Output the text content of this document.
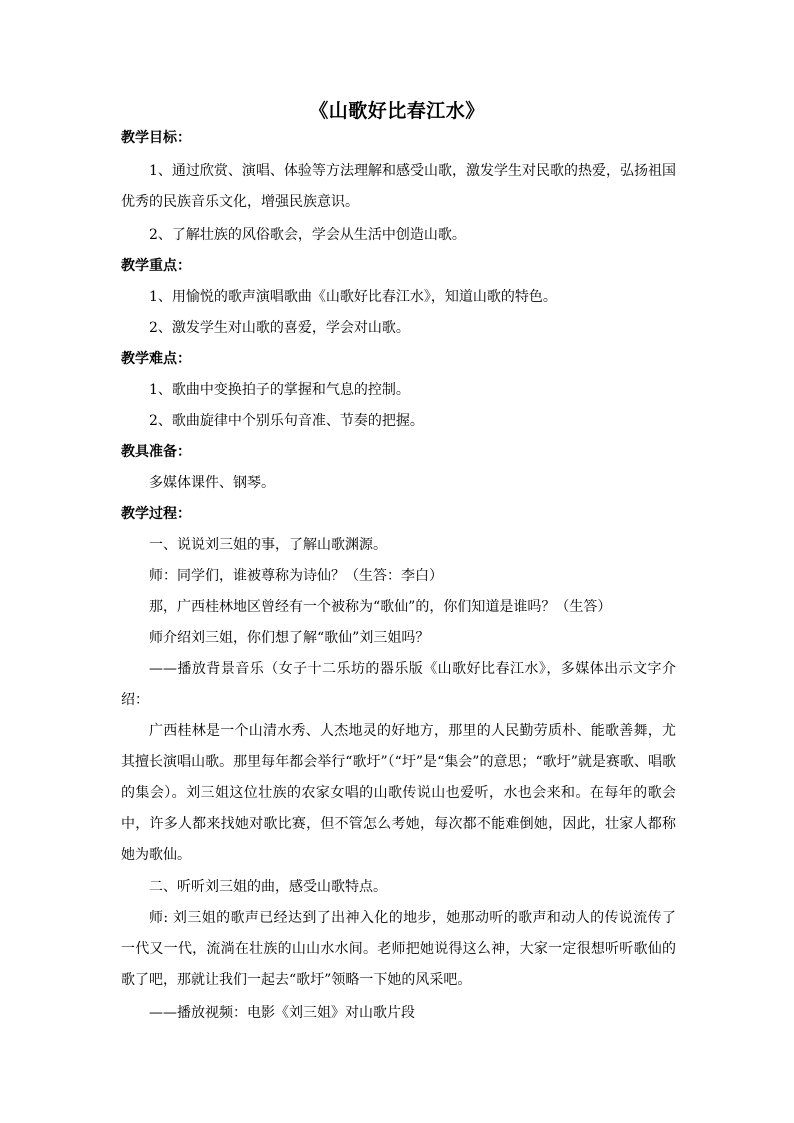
《山歌好比春江水》
教学目标：
1、通过欣赏、演唱、体验等方法理解和感受山歌，激发学生对民歌的热爱，弘扬祖国优秀的民族音乐文化，增强民族意识。
2、了解壮族的风俗歌会，学会从生活中创造山歌。
教学重点：
1、用愉悦的歌声演唱歌曲《山歌好比春江水》，知道山歌的特色。
2、激发学生对山歌的喜爱，学会对山歌。
教学难点：
1、歌曲中变换拍子的掌握和气息的控制。
2、歌曲旋律中个别乐句音准、节奏的把握。
教具准备：
多媒体课件、钢琴。
教学过程：
一、说说刘三姐的事，了解山歌渊源。
师：同学们，谁被尊称为诗仙？（生答：李白）
那，广西桂林地区曾经有一个被称为“歌仙”的，你们知道是谁吗？（生答）
师介绍刘三姐，你们想了解“歌仙”刘三姐吗？
——播放背景音乐（女子十二乐坊的器乐版《山歌好比春江水》，多媒体出示文字介绍：
广西桂林是一个山清水秀、人杰地灵的好地方，那里的人民勤劳质朴、能歌善舞，尤其擅长演唱山歌。那里每年都会举行“歌圩”（“圩”是“集会”的意思；“歌圩”就是赛歌、唱歌的集会）。刘三姐这位壮族的农家女唱的山歌传说山也爱听，水也会来和。在每年的歌会中，许多人都来找她对歌比赛，但不管怎么考她，每次都不能难倒她，因此，壮家人都称她为歌仙。
二、听听刘三姐的曲，感受山歌特点。
师: 刘三姐的歌声已经达到了出神入化的地步，她那动听的歌声和动人的传说流传了一代又一代，流淌在壮族的山山水水间。老师把她说得这么神，大家一定很想听听歌仙的歌了吧，那就让我们一起去“歌圩”领略一下她的风采吧。
——播放视频：电影《刘三姐》对山歌片段
